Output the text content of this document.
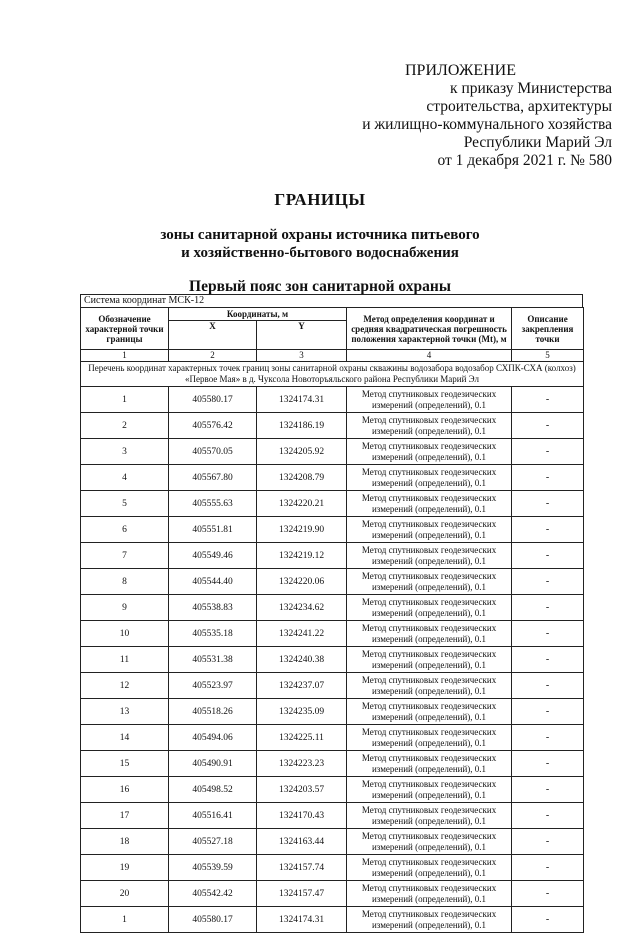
ПРИЛОЖЕНИЕ
к приказу Министерства
строительства, архитектуры
и жилищно-коммунального хозяйства
Республики Марий Эл
от 1 декабря 2021 г. № 580
ГРАНИЦЫ
зоны санитарной охраны источника питьевого
и хозяйственно-бытового водоснабжения
Первый пояс зон санитарной охраны
Система координат МСК-12
Обозначение характерной точки границы	Координаты, м		Метод определения координат и средняя квадратическая погрешность положения характерной точки (Mt), м	Описание закрепления точки
	X	Y		
1	2	3	4	5
Перечень координат характерных точек границ зоны санитарной охраны скважины водозабора водозабор СХПК-СХА (колхоз) «Первое Мая» в д. Чуксола Новоторъяльского района Республики Марий Эл				
1	405580.17	1324174.31	Метод спутниковых геодезических измерений (определений), 0.1	-
2	405576.42	1324186.19	Метод спутниковых геодезических измерений (определений), 0.1	-
3	405570.05	1324205.92	Метод спутниковых геодезических измерений (определений), 0.1	-
4	405567.80	1324208.79	Метод спутниковых геодезических измерений (определений), 0.1	-
5	405555.63	1324220.21	Метод спутниковых геодезических измерений (определений), 0.1	-
6	405551.81	1324219.90	Метод спутниковых геодезических измерений (определений), 0.1	-
7	405549.46	1324219.12	Метод спутниковых геодезических измерений (определений), 0.1	-
8	405544.40	1324220.06	Метод спутниковых геодезических измерений (определений), 0.1	-
9	405538.83	1324234.62	Метод спутниковых геодезических измерений (определений), 0.1	-
10	405535.18	1324241.22	Метод спутниковых геодезических измерений (определений), 0.1	-
11	405531.38	1324240.38	Метод спутниковых геодезических измерений (определений), 0.1	-
12	405523.97	1324237.07	Метод спутниковых геодезических измерений (определений), 0.1	-
13	405518.26	1324235.09	Метод спутниковых геодезических измерений (определений), 0.1	-
14	405494.06	1324225.11	Метод спутниковых геодезических измерений (определений), 0.1	-
15	405490.91	1324223.23	Метод спутниковых геодезических измерений (определений), 0.1	-
16	405498.52	1324203.57	Метод спутниковых геодезических измерений (определений), 0.1	-
17	405516.41	1324170.43	Метод спутниковых геодезических измерений (определений), 0.1	-
18	405527.18	1324163.44	Метод спутниковых геодезических измерений (определений), 0.1	-
19	405539.59	1324157.74	Метод спутниковых геодезических измерений (определений), 0.1	-
20	405542.42	1324157.47	Метод спутниковых геодезических измерений (определений), 0.1	-
1	405580.17	1324174.31	Метод спутниковых геодезических измерений (определений), 0.1	-
